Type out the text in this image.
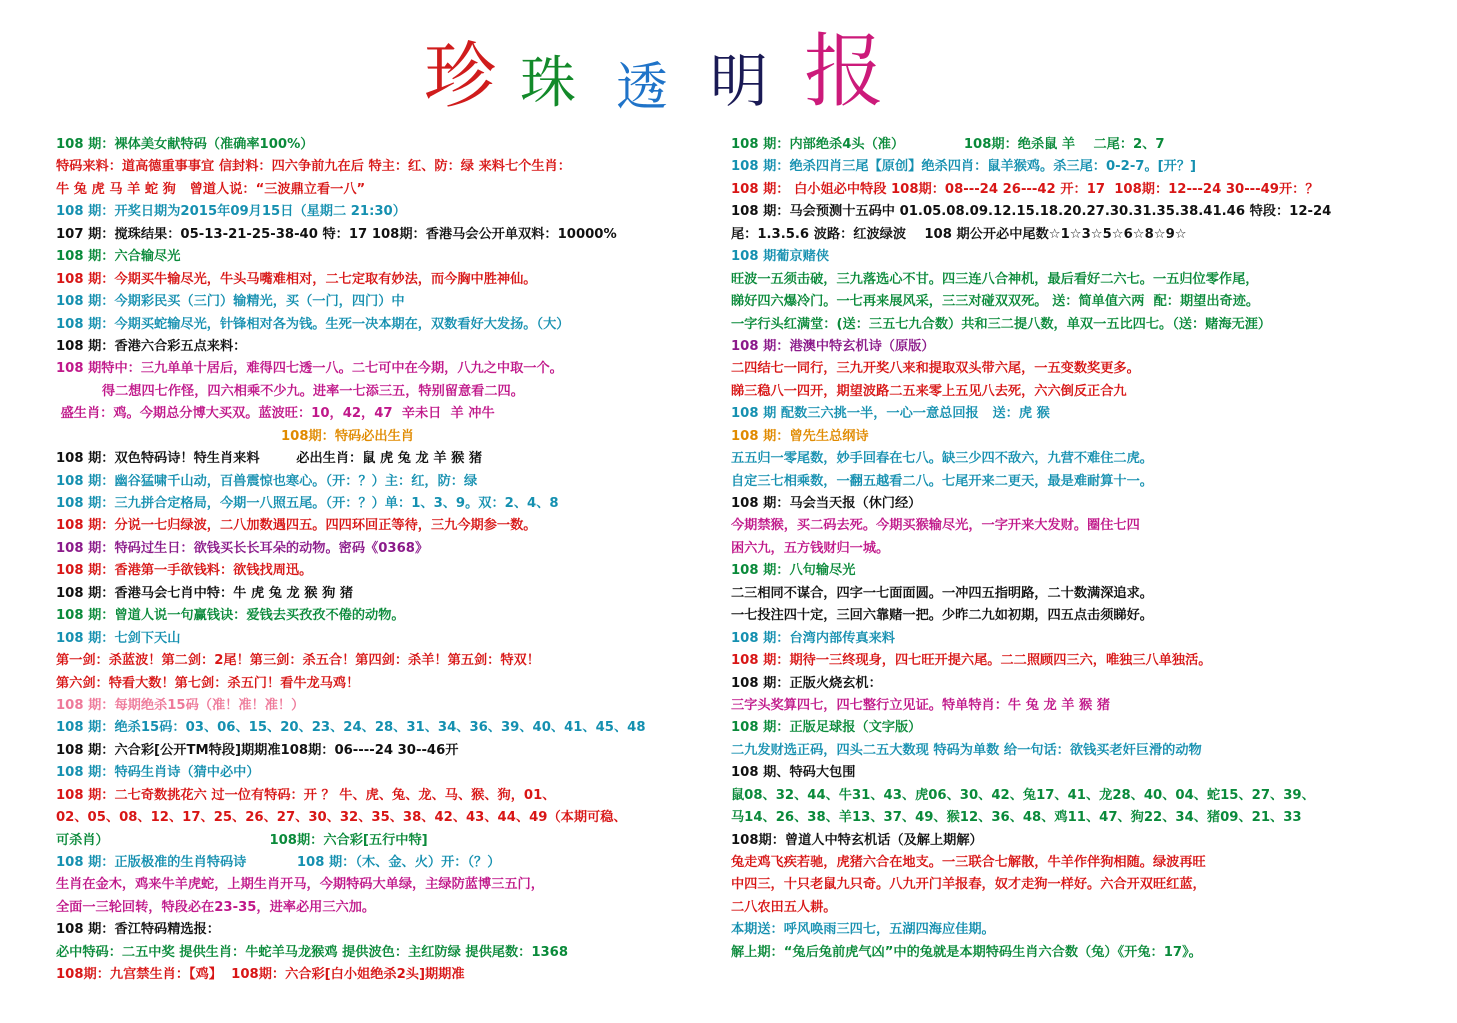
珍 珠 透 明 报
108 期：裸体美女献特码（准确率100%）
特码来料：道高德重事事宜 信封料：四六争前九在后 特主：红、防：绿 来料七个生肖：
牛 兔 虎 马 羊 蛇 狗   曾道人说：“三波鼎立看一八”
108 期：开奖日期为2015年09月15日（星期二 21:30）
107 期：搅珠结果：05-13-21-25-38-40 特：17 108期：香港马会公开单双料：10000%
108 期：六合输尽光
108 期：今期买牛输尽光，牛头马嘴难相对，二七定取有妙法，而今胸中胜神仙。
108 期：今期彩民买（三门）输精光，买（一门，四门）中
108 期：今期买蛇输尽光，针锋相对各为钱。生死一决本期在，双数看好大发扬。（大）
108 期：香港六合彩五点来料：
108 期特中：三九单单十居后，难得四七透一八。二七可中在今期，八九之中取一个。
得二想四七作怪，四六相乘不少九。进率一七添三五，特别留意看二四。
盛生肖：鸡。今期总分博大买双。蓝波旺：10，42，47  辛未日  羊 冲牛
108期：特码必出生肖
108 期：双色特码诗！特生肖来料        必出生肖：鼠 虎 兔 龙 羊 猴 猪
108 期：幽谷猛啸千山动，百兽震惊也寒心。（开：？）主：红，防：绿
108 期：三九拼合定格局，今期一八照五尾。（开：？）单：1、3、9。双：2、4、8
108 期：分说一七归绿波，二八加数遇四五。四四环回正等待，三九今期参一数。
108 期：特码过生日：欲钱买长长耳朵的动物。密码《0368》
108 期：香港第一手欲钱料：欲钱找周迅。
108 期：香港马会七肖中特：牛 虎 兔 龙 猴 狗 猪
108 期：曾道人说一句赢钱诀：爱钱去买孜孜不倦的动物。
108 期：七剑下天山
第一剑：杀蓝波！第二剑：2尾！第三剑：杀五合！第四剑：杀羊！第五剑：特双！
第六剑：特看大数！第七剑：杀五门！看牛龙马鸡！
108 期：每期绝杀15码（准！准！准！）
108 期：绝杀15码：03、06、15、20、23、24、28、31、34、36、39、40、41、45、48
108 期：六合彩[公开TM特段]期期准108期：06----24 30--46开
108 期：特码生肖诗（猜中必中）
108 期：二七奇数挑花六 过一位有特码：开 ？ 牛、虎、兔、龙、马、猴、狗，01、
02、05、08、12、17、25、26、27、30、32、35、38、42、43、44、49（本期可稳、
可杀肖）                                   108期：六合彩[五行中特]
108 期：正版极准的生肖特码诗           108 期：（木、金、火）开：（？）
生肖在金木，鸡来牛羊虎蛇，上期生肖开马，今期特码大单绿，主绿防蓝博三五门，
全面一三轮回转，特段必在23-35，进率必用三六加。
108 期：香江特码精选报：
必中特码：二五中奖 提供生肖：牛蛇羊马龙猴鸡 提供波色：主红防绿 提供尾数：1368
108期：九宫禁生肖：【鸡】  108期：六合彩[白小姐绝杀2头]期期准
108 期：内部绝杀4头（准）             108期：绝杀鼠 羊    二尾：2、7
108 期：绝杀四肖三尾【原创】绝杀四肖：鼠羊猴鸡。杀三尾：0-2-7。[开？]
108 期： 白小姐必中特段 108期：08---24 26---42 开：17  108期：12---24 30---49开：？
108 期：马会预测十五码中 01.05.08.09.12.15.18.20.27.30.31.35.38.41.46 特段：12-24
尾：1.3.5.6 波路：红波绿波    108 期公开必中尾数☆1☆3☆5☆6☆8☆9☆
108 期葡京赌侠
旺波一五须击破，三九落选心不甘。四三连八合神机，最后看好二六七。一五归位零作尾，
睇好四六爆冷门。一七再来展风采，三三对碰双双死。 送：简单值六两  配：期望出奇迹。
一字行头红满堂：(送：三五七九合数）共和三二提八数，单双一五比四七。（送：赌海无涯）
108 期：港澳中特玄机诗（原版）
二四结七一同行，三九开奖八来和提取双头带六尾，一五变数奖更多。
睇三稳八一四开，期望波路二五来零上五见八去死，六六倒反正合九
108 期 配数三六挑一半，一心一意总回报   送：虎 猴
108 期：曾先生总纲诗
五五归一零尾数，妙手回春在七八。缺三少四不敌六，九营不难住二虎。
自定三七相乘数，一翻五越看二八。七尾开来二更天，最是难耐算十一。
108 期：马会当天报（休门经）
今期禁猴，买二码去死。今期买猴输尽光，一字开来大发财。圈住七四
困六九，五方钱财归一城。
108 期：八句输尽光
二三相同不谋合，四字一七面面圆。一冲四五指明路，二十数满深追求。
一七投注四十定，三回六靠赌一把。少昨二九如初期，四五点击须睇好。
108 期：台湾内部传真来料
108 期：期待一三终现身，四七旺开提六尾。二二照顾四三六，唯独三八单独活。
108 期：正版火烧玄机：
三字头奖算四七，四七整行立见证。特单特肖：牛 兔 龙 羊 猴 猪
108 期：正版足球报（文字版）
二九发财选正码，四头二五大数现 特码为单数 给一句话：欲钱买老奸巨滑的动物
108 期、特码大包围
鼠08、32、44、牛31、43、虎06、30、42、兔17、41、龙28、40、04、蛇15、27、39、
马14、26、38、羊13、37、49、猴12、36、48、鸡11、47、狗22、34、猪09、21、33
108期：曾道人中特玄机话（及解上期解）
兔走鸡飞疾若驰，虎猪六合在地支。一三联合七解散，牛羊作伴狗相随。绿波再旺
中四三，十只老鼠九只奇。八九开门羊报春，奴才走狗一样好。六合开双旺红蓝，
二八农田五人耕。
本期送：呼风唤雨三四七，五湖四海应佳期。
解上期：“兔后兔前虎气凶”中的兔就是本期特码生肖六合数（兔）《开兔：17》。
